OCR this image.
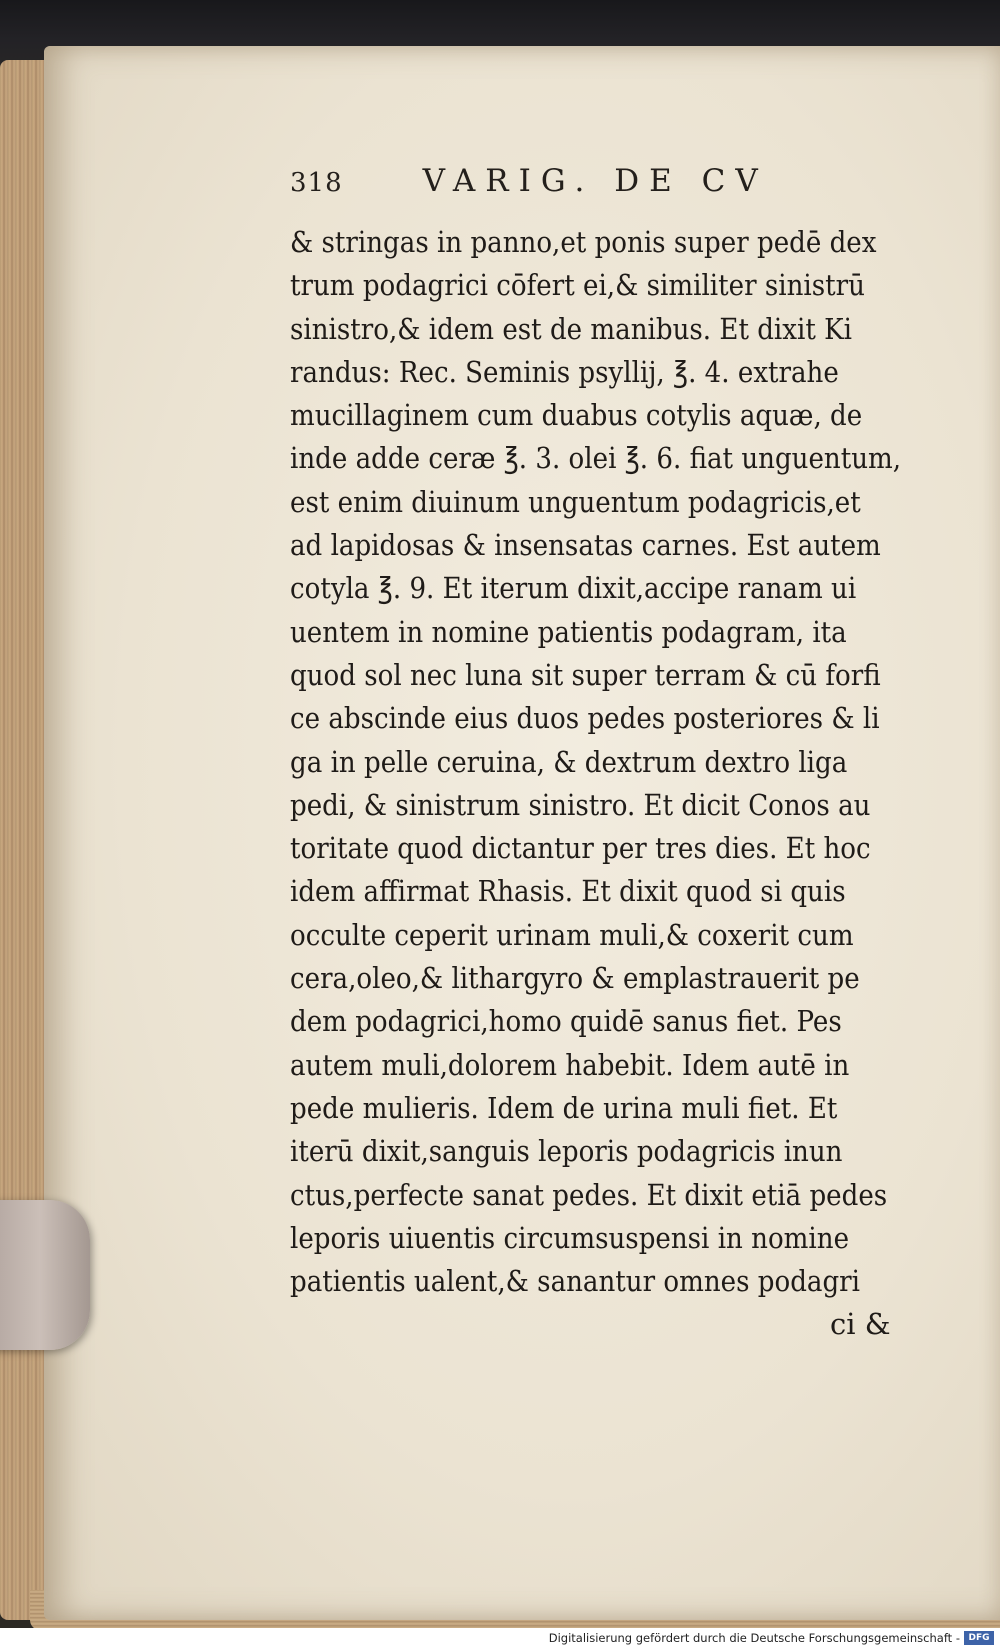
318	VARIG. DE CV
& stringas in panno,et ponis super pedē dex
trum podagrici cōfert ei,& similiter sinistrū
sinistro,& idem est de manibus. Et dixit Ki
randus: Rec. Seminis psyllij, ℥. 4. extrahe
mucillaginem cum duabus cotylis aquæ, de
inde adde ceræ ℥. 3. olei ℥. 6. fiat unguentum,
est enim diuinum unguentum podagricis,et
ad lapidosas & insensatas carnes. Est autem
cotyla ℥. 9. Et iterum dixit,accipe ranam ui
uentem in nomine patientis podagram, ita
quod sol nec luna sit super terram & cū forfi
ce abscinde eius duos pedes posteriores & li
ga in pelle ceruina, & dextrum dextro liga
pedi, & sinistrum sinistro. Et dicit Conos au
toritate quod dictantur per tres dies. Et hoc
idem affirmat Rhasis. Et dixit quod si quis
occulte ceperit urinam muli,& coxerit cum
cera,oleo,& lithargyro & emplastrauerit pe
dem podagrici,homo quidē sanus fiet. Pes
autem muli,dolorem habebit. Idem autē in
pede mulieris. Idem de urina muli fiet. Et
iterū dixit,sanguis leporis podagricis inun
ctus,perfecte sanat pedes. Et dixit etiā pedes
leporis uiuentis circumsuspensi in nomine
patientis ualent,& sanantur omnes podagri
ci &
Digitalisierung gefördert durch die Deutsche Forschungsgemeinschaft - DFG
